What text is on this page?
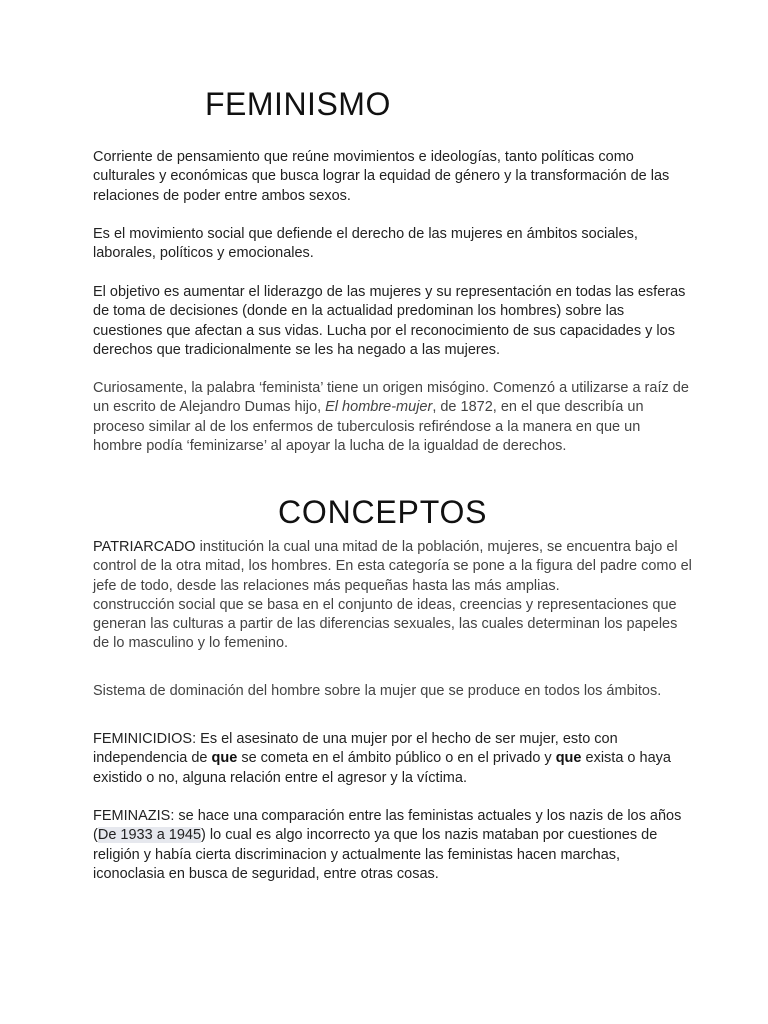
FEMINISMO

Corriente de pensamiento que reúne movimientos e ideologías, tanto políticas como culturales y económicas que busca lograr la equidad de género y la transformación de las relaciones de poder entre ambos sexos.

Es el movimiento social que defiende el derecho de las mujeres en ámbitos sociales, laborales, políticos y emocionales.

El objetivo es aumentar el liderazgo de las mujeres y su representación en todas las esferas de toma de decisiones (donde en la actualidad predominan los hombres) sobre las cuestiones que afectan a sus vidas. Lucha por el reconocimiento de sus capacidades y los derechos que tradicionalmente se les ha negado a las mujeres.

Curiosamente, la palabra ‘feminista’ tiene un origen misógino. Comenzó a utilizarse a raíz de un escrito de Alejandro Dumas hijo, El hombre-mujer, de 1872, en el que describía un proceso similar al de los enfermos de tuberculosis refiréndose a la manera en que un hombre podía ‘feminizarse’ al apoyar la lucha de la igualdad de derechos.

CONCEPTOS

PATRIARCADO institución la cual una mitad de la población, mujeres, se encuentra bajo el control de la otra mitad, los hombres. En esta categoría se pone a la figura del padre como el jefe de todo, desde las relaciones más pequeñas hasta las más amplias.
construcción social que se basa en el conjunto de ideas, creencias y representaciones que generan las culturas a partir de las diferencias sexuales, las cuales determinan los papeles de lo masculino y lo femenino.

Sistema de dominación del hombre sobre la mujer que se produce en todos los ámbitos.

FEMINICIDIOS: Es el asesinato de una mujer por el hecho de ser mujer, esto con independencia de que se cometa en el ámbito público o en el privado y que exista o haya existido o no, alguna relación entre el agresor y la víctima.

FEMINAZIS: se hace una comparación entre las feministas actuales y los nazis de los años (De 1933 a 1945) lo cual es algo incorrecto ya que los nazis mataban por cuestiones de religión y había cierta discriminacion y actualmente las feministas hacen marchas, iconoclasia en busca de seguridad, entre otras cosas.
